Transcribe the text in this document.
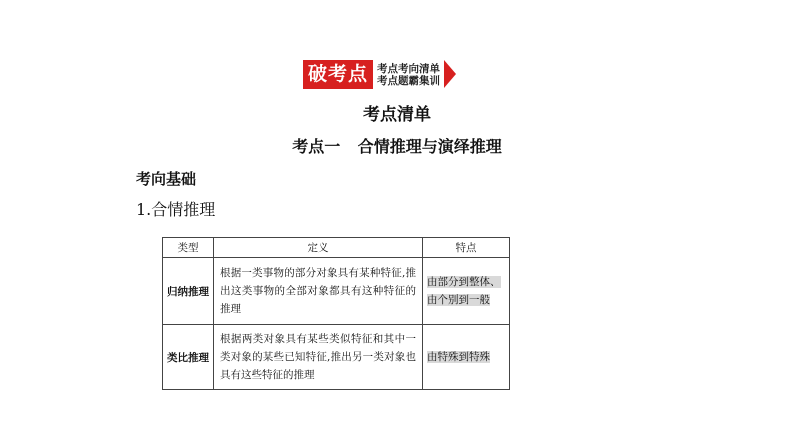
破考点 考点考向清单
考点题霸集训
考点清单
考点一 合情推理与演绎推理
考向基础
1.合情推理
类型	定义	特点
归纳推理	根据一类事物的部分对象具有某种特征,推出这类事物的全部对象都具有这种特征的推理	由部分到整体、由个别到一般
类比推理	根据两类对象具有某些类似特征和其中一类对象的某些已知特征,推出另一类对象也具有这些特征的推理	由特殊到特殊
